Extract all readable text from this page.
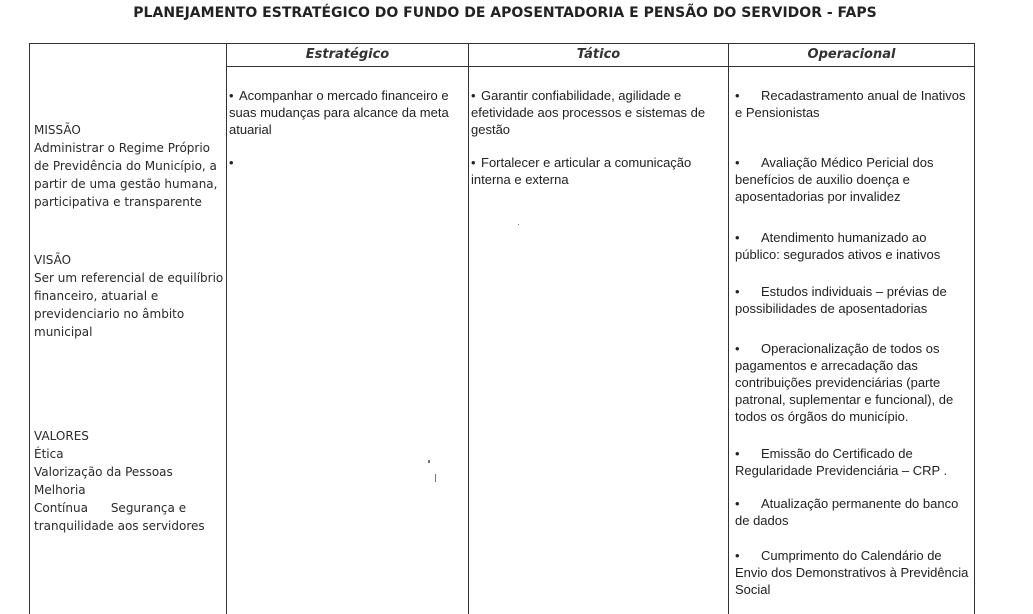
PLANEJAMENTO ESTRATÉGICO DO FUNDO DE APOSENTADORIA E PENSÃO DO SERVIDOR - FAPS
Estratégico	Tático	Operacional
MISSÃO
Administrar o Regime Próprio de Previdência do Município, a partir de uma gestão humana, participativa e transparente
VISÃO
Ser um referencial de equilíbrio financeiro, atuarial e previdenciario no âmbito municipal
VALORES
Ética
Valorização da Pessoas Melhoria
Contínua      Segurança e
tranquilidade aos servidores
• Acompanhar o mercado financeiro e suas mudanças para alcance da meta atuarial
•
• Garantir confiabilidade, agilidade e efetividade aos processos e sistemas de gestão
• Fortalecer e articular a comunicação interna e externa
• Recadastramento anual de Inativos e Pensionistas
• Avaliação Médico Pericial dos benefícios de auxilio doença e aposentadorias por invalidez
• Atendimento humanizado ao público: segurados ativos e inativos
• Estudos individuais – prévias de possibilidades de aposentadorias
• Operacionalização de todos os pagamentos e arrecadação das contribuições previdenciárias (parte patronal, suplementar e funcional), de todos os órgãos do município.
• Emissão do Certificado de Regularidade Previdenciária – CRP .
• Atualização permanente do banco de dados
• Cumprimento do Calendário de Envio dos Demonstrativos à Previdência Social
